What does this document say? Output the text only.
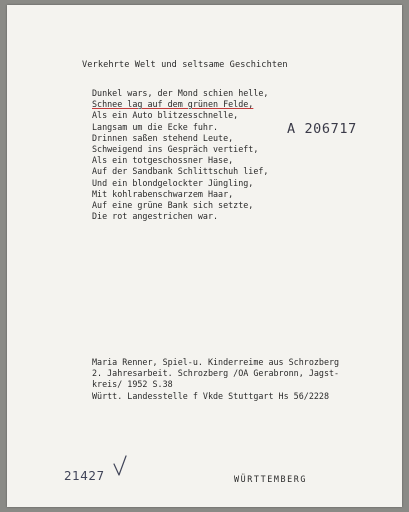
Verkehrte Welt und seltsame Geschichten
Dunkel wars, der Mond schien helle,
Schnee lag auf dem grünen Felde,
Als ein Auto blitzesschnelle,
Langsam um die Ecke fuhr.
Drinnen saßen stehend Leute,
Schweigend ins Gespräch vertieft,
Als ein totgeschossner Hase,
Auf der Sandbank Schlittschuh lief,
Und ein blondgelockter Jüngling,
Mit kohlrabenschwarzem Haar,
Auf eine grüne Bank sich setzte,
Die rot angestrichen war.
A 206717
Maria Renner, Spiel-u. Kinderreime aus Schrozberg
2. Jahresarbeit. Schrozberg /OA Gerabronn, Jagst-
kreis/ 1952 S.38
Württ. Landesstelle f Vkde Stuttgart Hs 56/2228
21427	WÜRTTEMBERG
